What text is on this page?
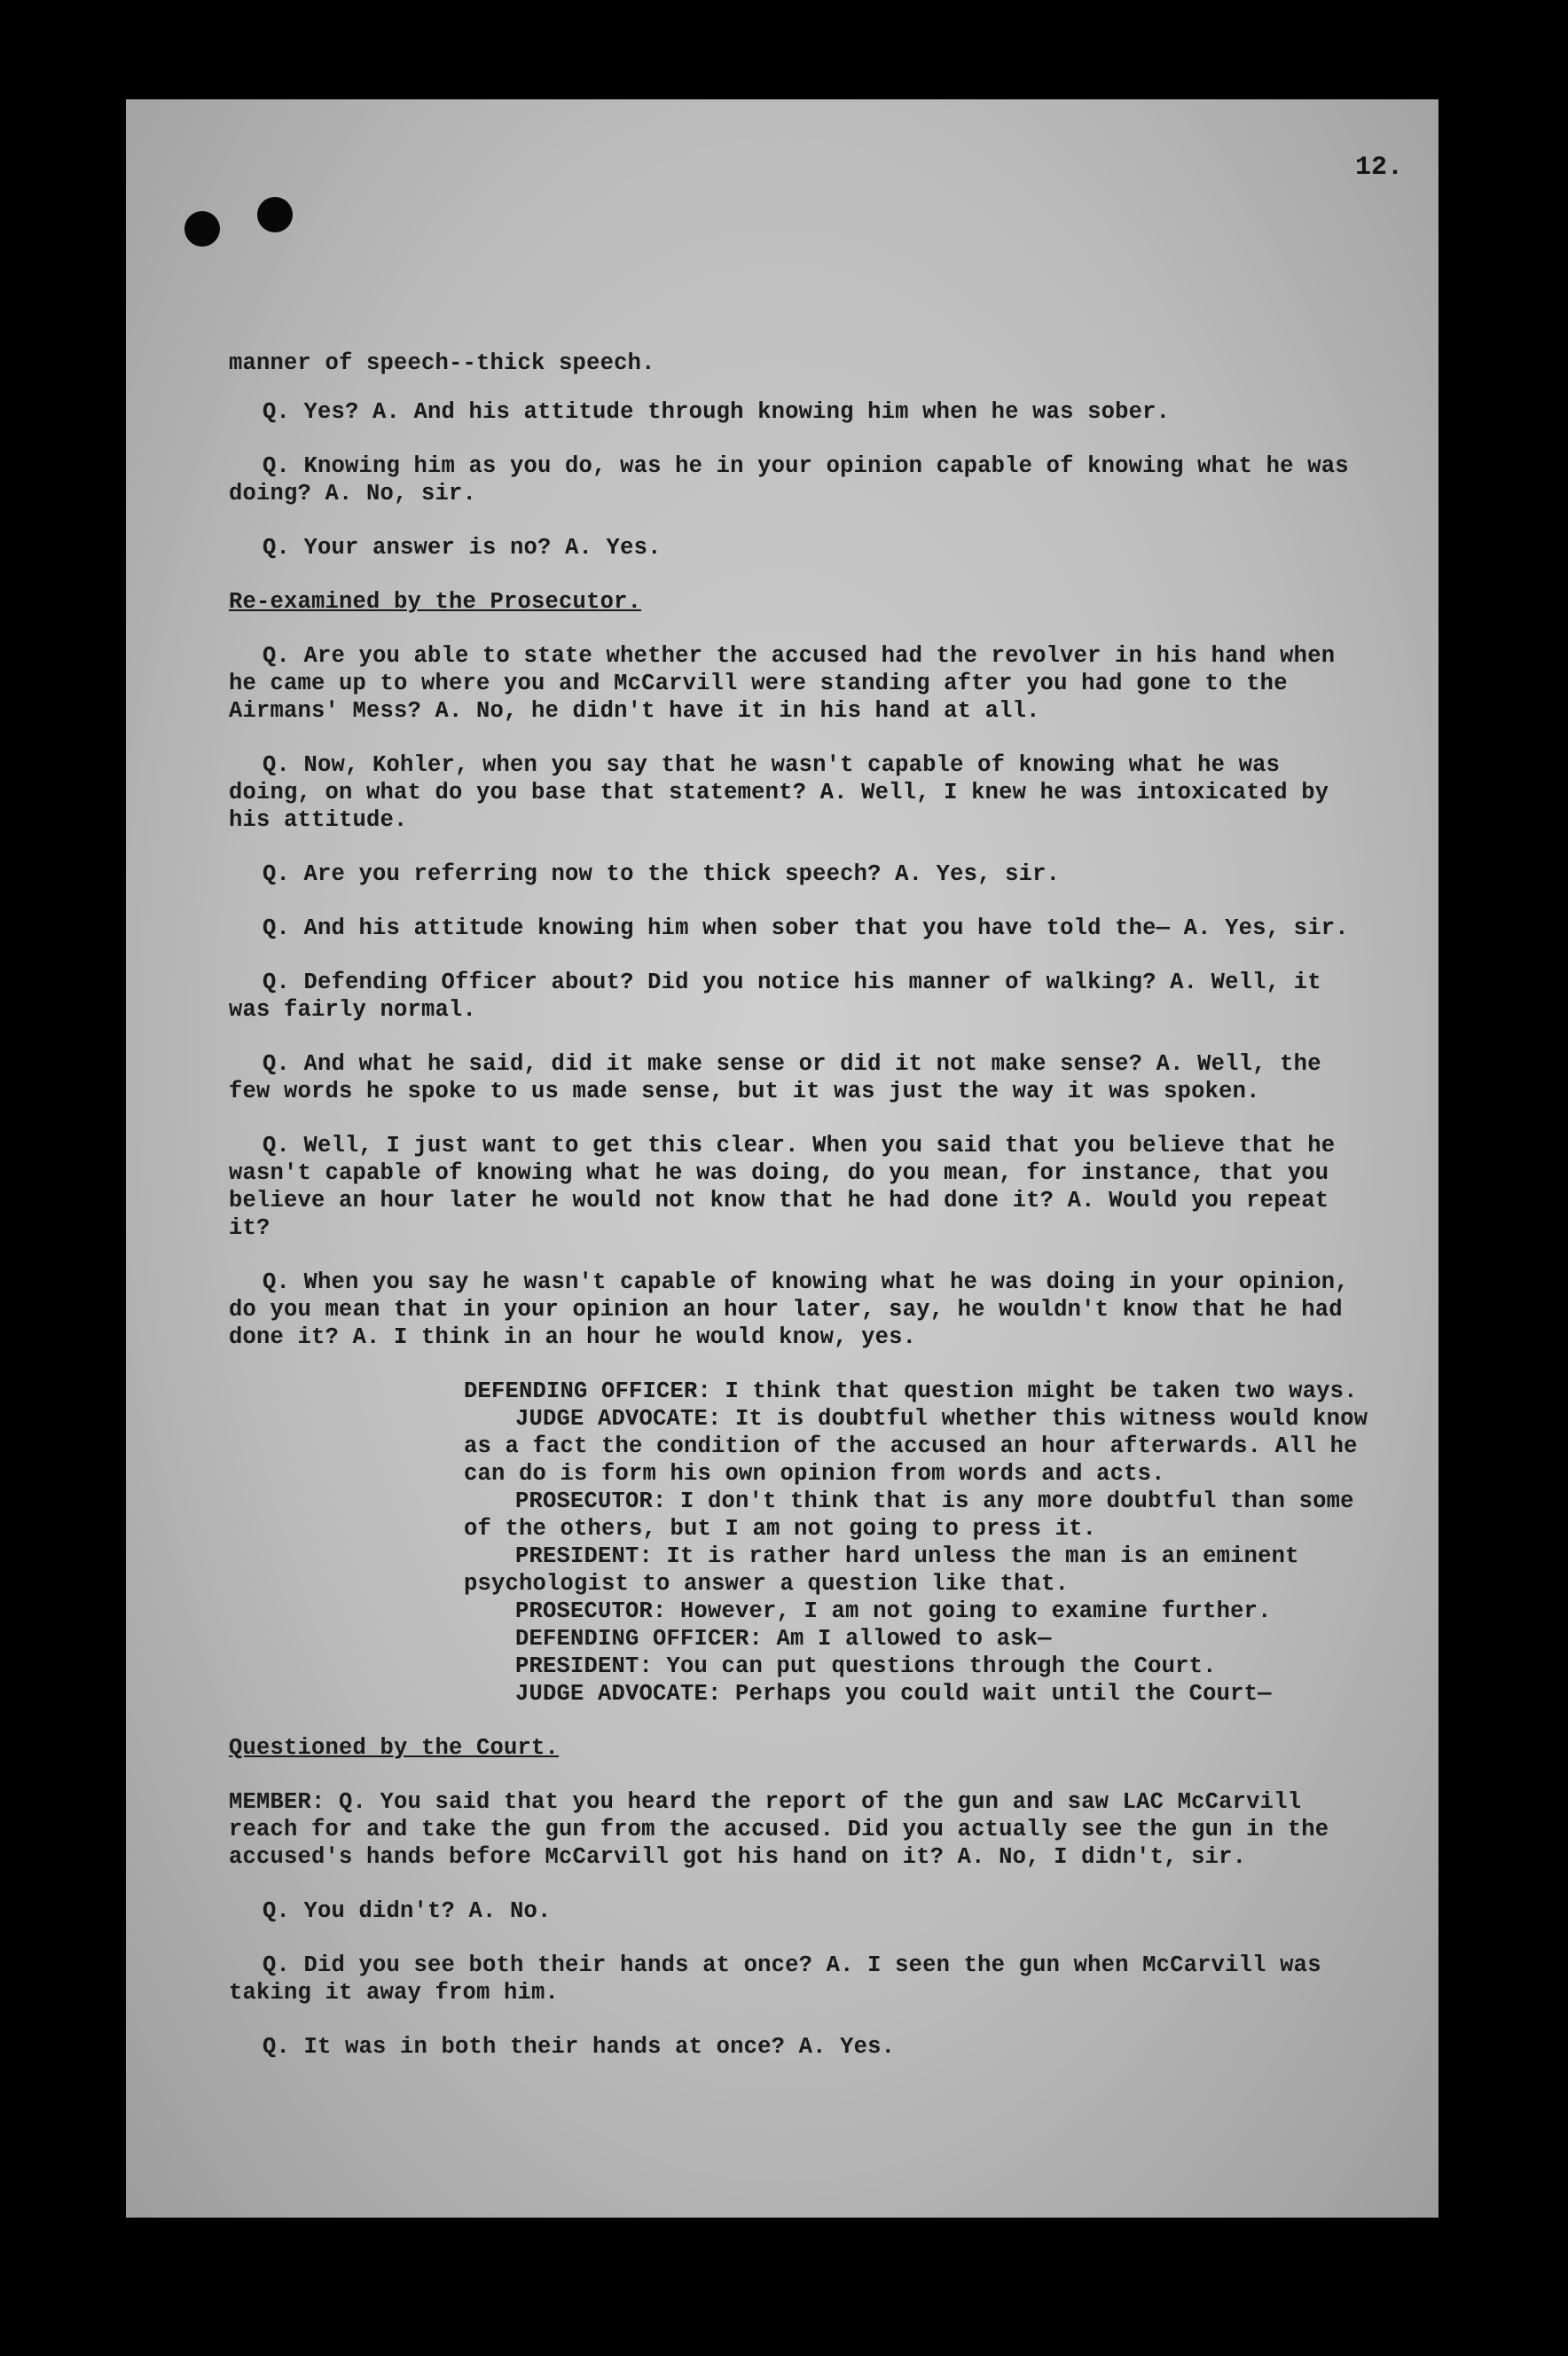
12.

manner of speech--thick speech.

Q. Yes? A. And his attitude through knowing him when he was sober.

Q. Knowing him as you do, was he in your opinion capable of knowing what he was doing? A. No, sir.

Q. Your answer is no? A. Yes.

Re-examined by the Prosecutor.

Q. Are you able to state whether the accused had the revolver in his hand when he came up to where you and McCarvill were standing after you had gone to the Airmans' Mess? A. No, he didn't have it in his hand at all.

Q. Now, Kohler, when you say that he wasn't capable of knowing what he was doing, on what do you base that statement? A. Well, I knew he was intoxicated by his attitude.

Q. Are you referring now to the thick speech? A. Yes, sir.

Q. And his attitude knowing him when sober that you have told the— A. Yes, sir.

Q. Defending Officer about? Did you notice his manner of walking? A. Well, it was fairly normal.

Q. And what he said, did it make sense or did it not make sense? A. Well, the few words he spoke to us made sense, but it was just the way it was spoken.

Q. Well, I just want to get this clear. When you said that you believe that he wasn't capable of knowing what he was doing, do you mean, for instance, that you believe an hour later he would not know that he had done it? A. Would you repeat it?

Q. When you say he wasn't capable of knowing what he was doing in your opinion, do you mean that in your opinion an hour later, say, he wouldn't know that he had done it? A. I think in an hour he would know, yes.

DEFENDING OFFICER: I think that question might be taken two ways.

JUDGE ADVOCATE: It is doubtful whether this witness would know as a fact the condition of the accused an hour afterwards. All he can do is form his own opinion from words and acts.

PROSECUTOR: I don't think that is any more doubtful than some of the others, but I am not going to press it.

PRESIDENT: It is rather hard unless the man is an eminent psychologist to answer a question like that.

PROSECUTOR: However, I am not going to examine further.

DEFENDING OFFICER: Am I allowed to ask—

PRESIDENT: You can put questions through the Court.

JUDGE ADVOCATE: Perhaps you could wait until the Court—

Questioned by the Court.

MEMBER: Q. You said that you heard the report of the gun and saw LAC McCarvill reach for and take the gun from the accused. Did you actually see the gun in the accused's hands before McCarvill got his hand on it? A. No, I didn't, sir.

Q. You didn't? A. No.

Q. Did you see both their hands at once? A. I seen the gun when McCarvill was taking it away from him.

Q. It was in both their hands at once? A. Yes.
